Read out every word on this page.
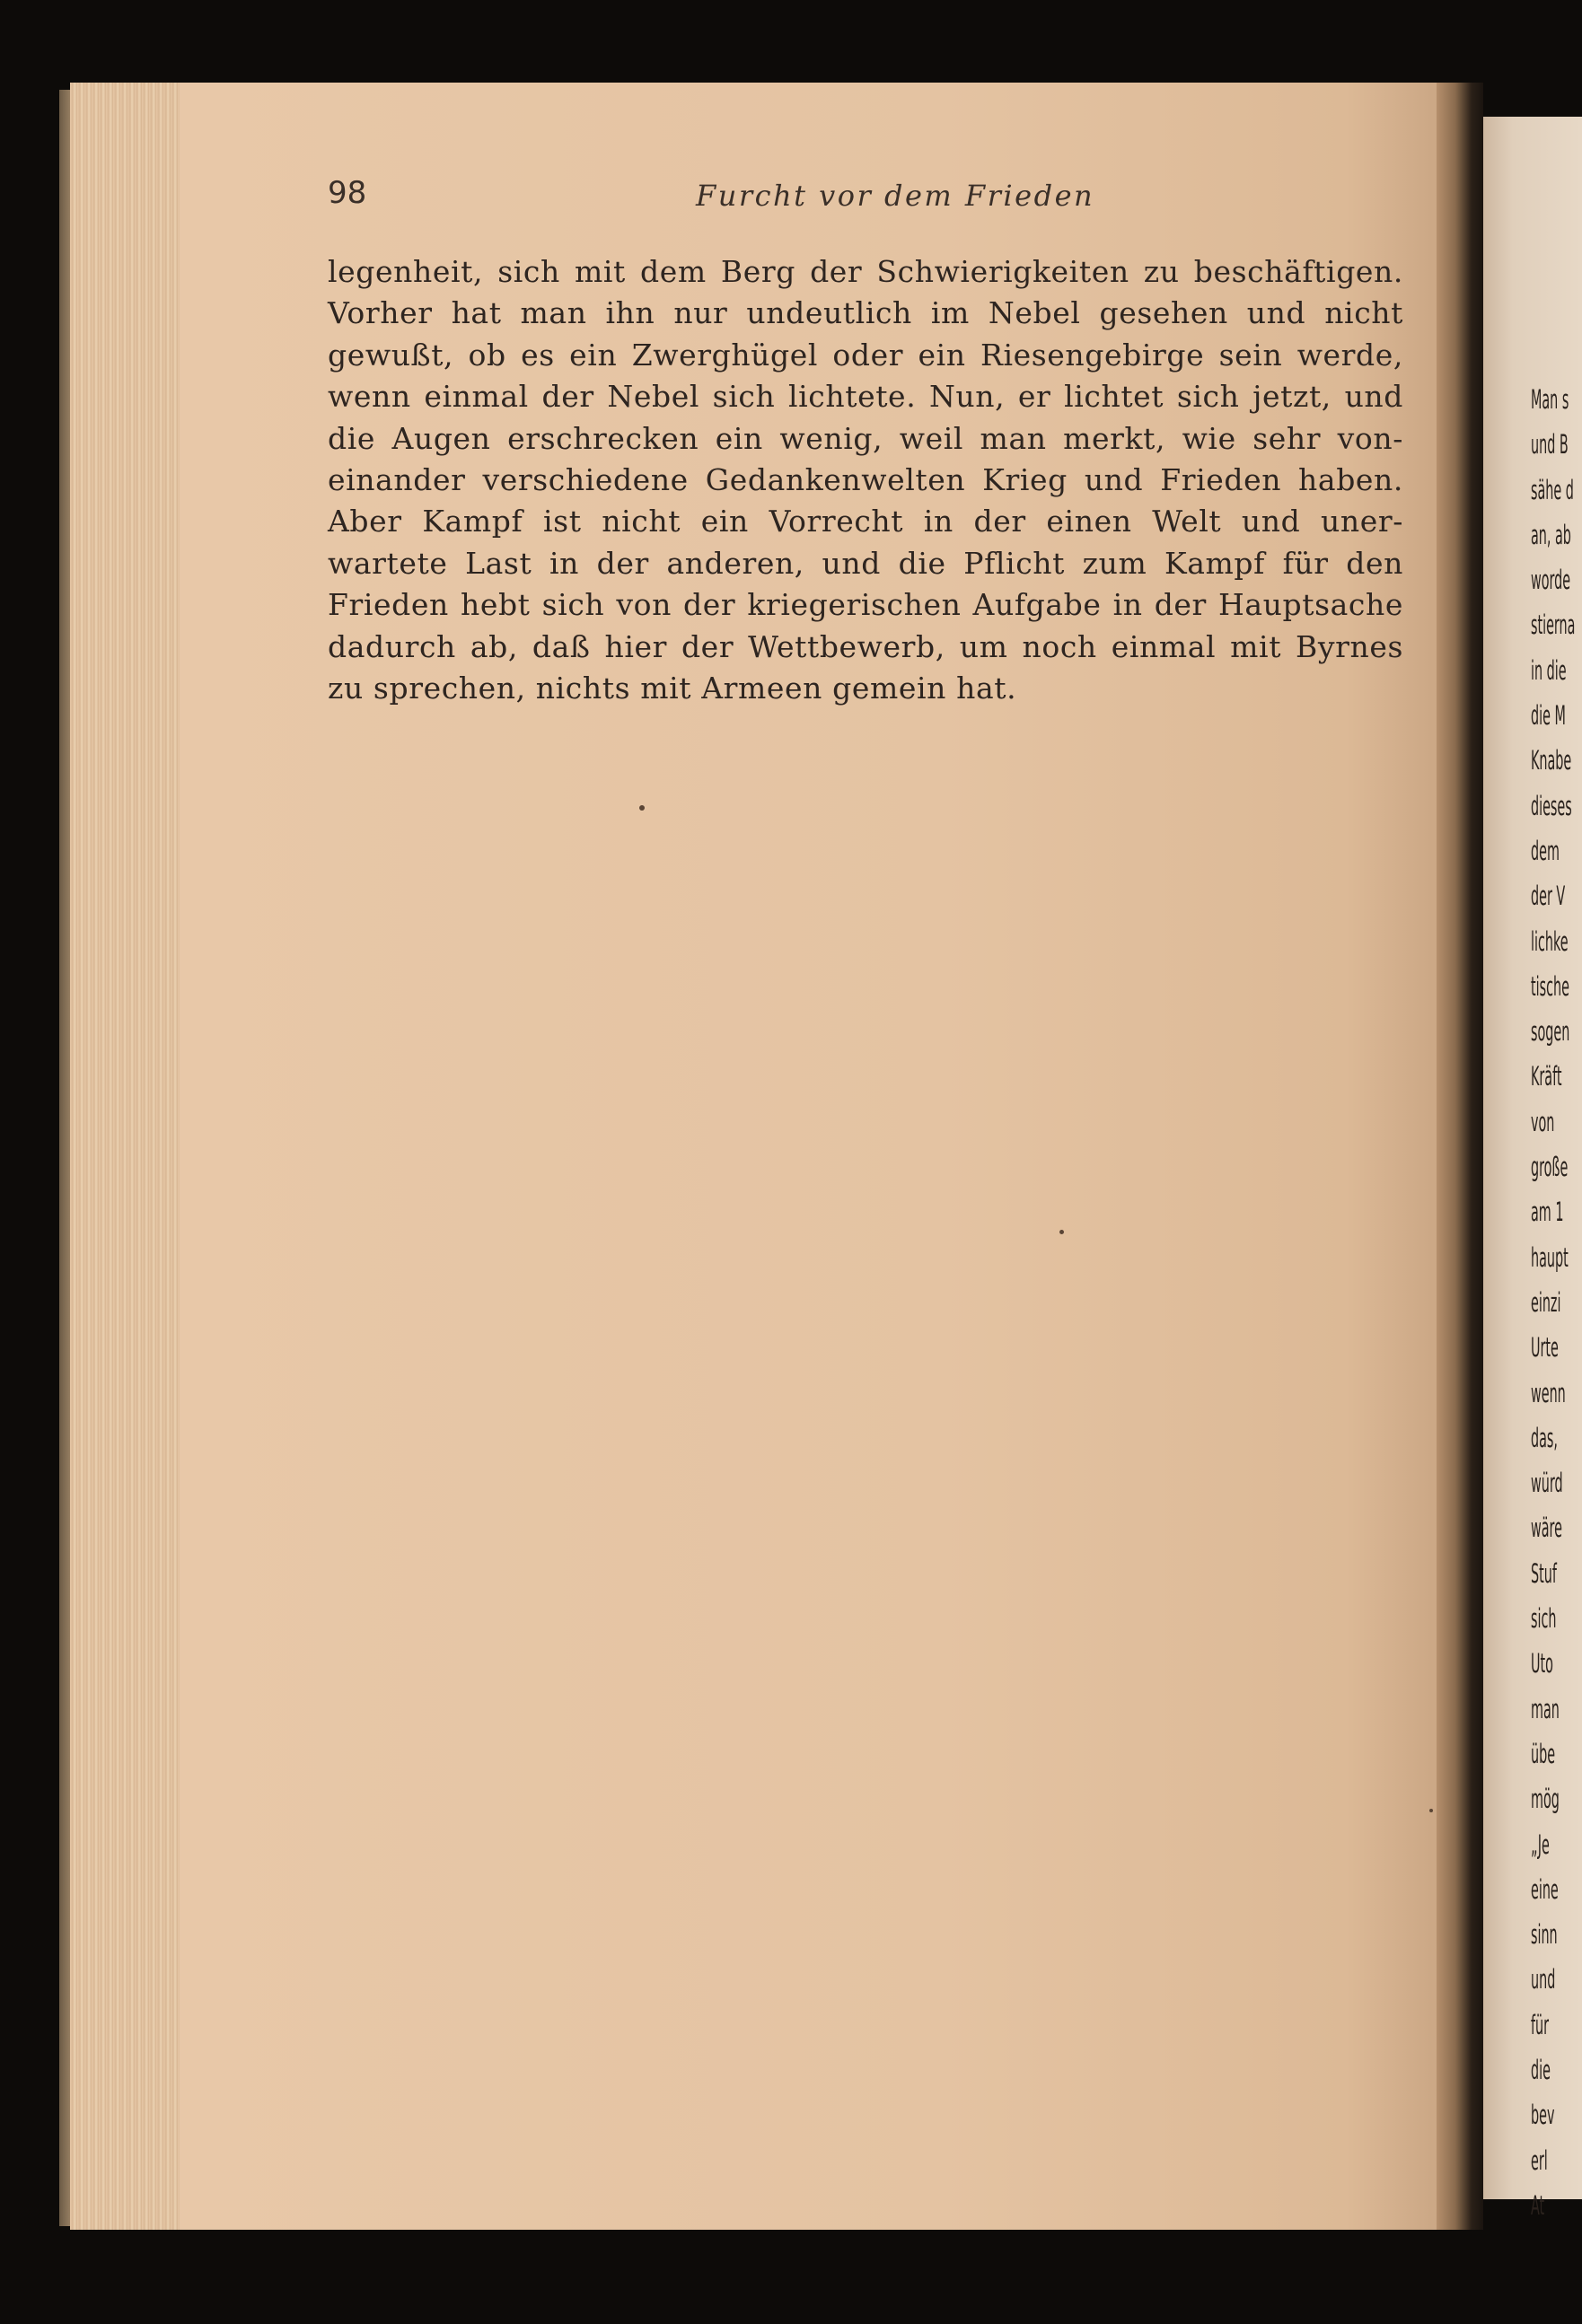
98	Furcht vor dem Frieden
legenheit, sich mit dem Berg der Schwierigkeiten zu beschäftigen.
Vorher hat man ihn nur undeutlich im Nebel gesehen und nicht
gewußt, ob es ein Zwerghügel oder ein Riesengebirge sein werde,
wenn einmal der Nebel sich lichtete. Nun, er lichtet sich jetzt, und
die Augen erschrecken ein wenig, weil man merkt, wie sehr von-
einander verschiedene Gedankenwelten Krieg und Frieden haben.
Aber Kampf ist nicht ein Vorrecht in der einen Welt und uner-
wartete Last in der anderen, und die Pflicht zum Kampf für den
Frieden hebt sich von der kriegerischen Aufgabe in der Hauptsache
dadurch ab, daß hier der Wettbewerb, um noch einmal mit Byrnes
zu sprechen, nichts mit Armeen gemein hat.
Man s
und B
sähe d
an, ab
worde
stierna
in die
die M
Knabe
dieses
dem
der V
lichke
tische
sogen
Kräft
von
große
am 1
haupt
einzi
Urte
wenn
das,
würd
wäre
Stuf
sich
Uto
man
übe
mög
„Je
eine
sinn
und
für
die
bev
erl
At
